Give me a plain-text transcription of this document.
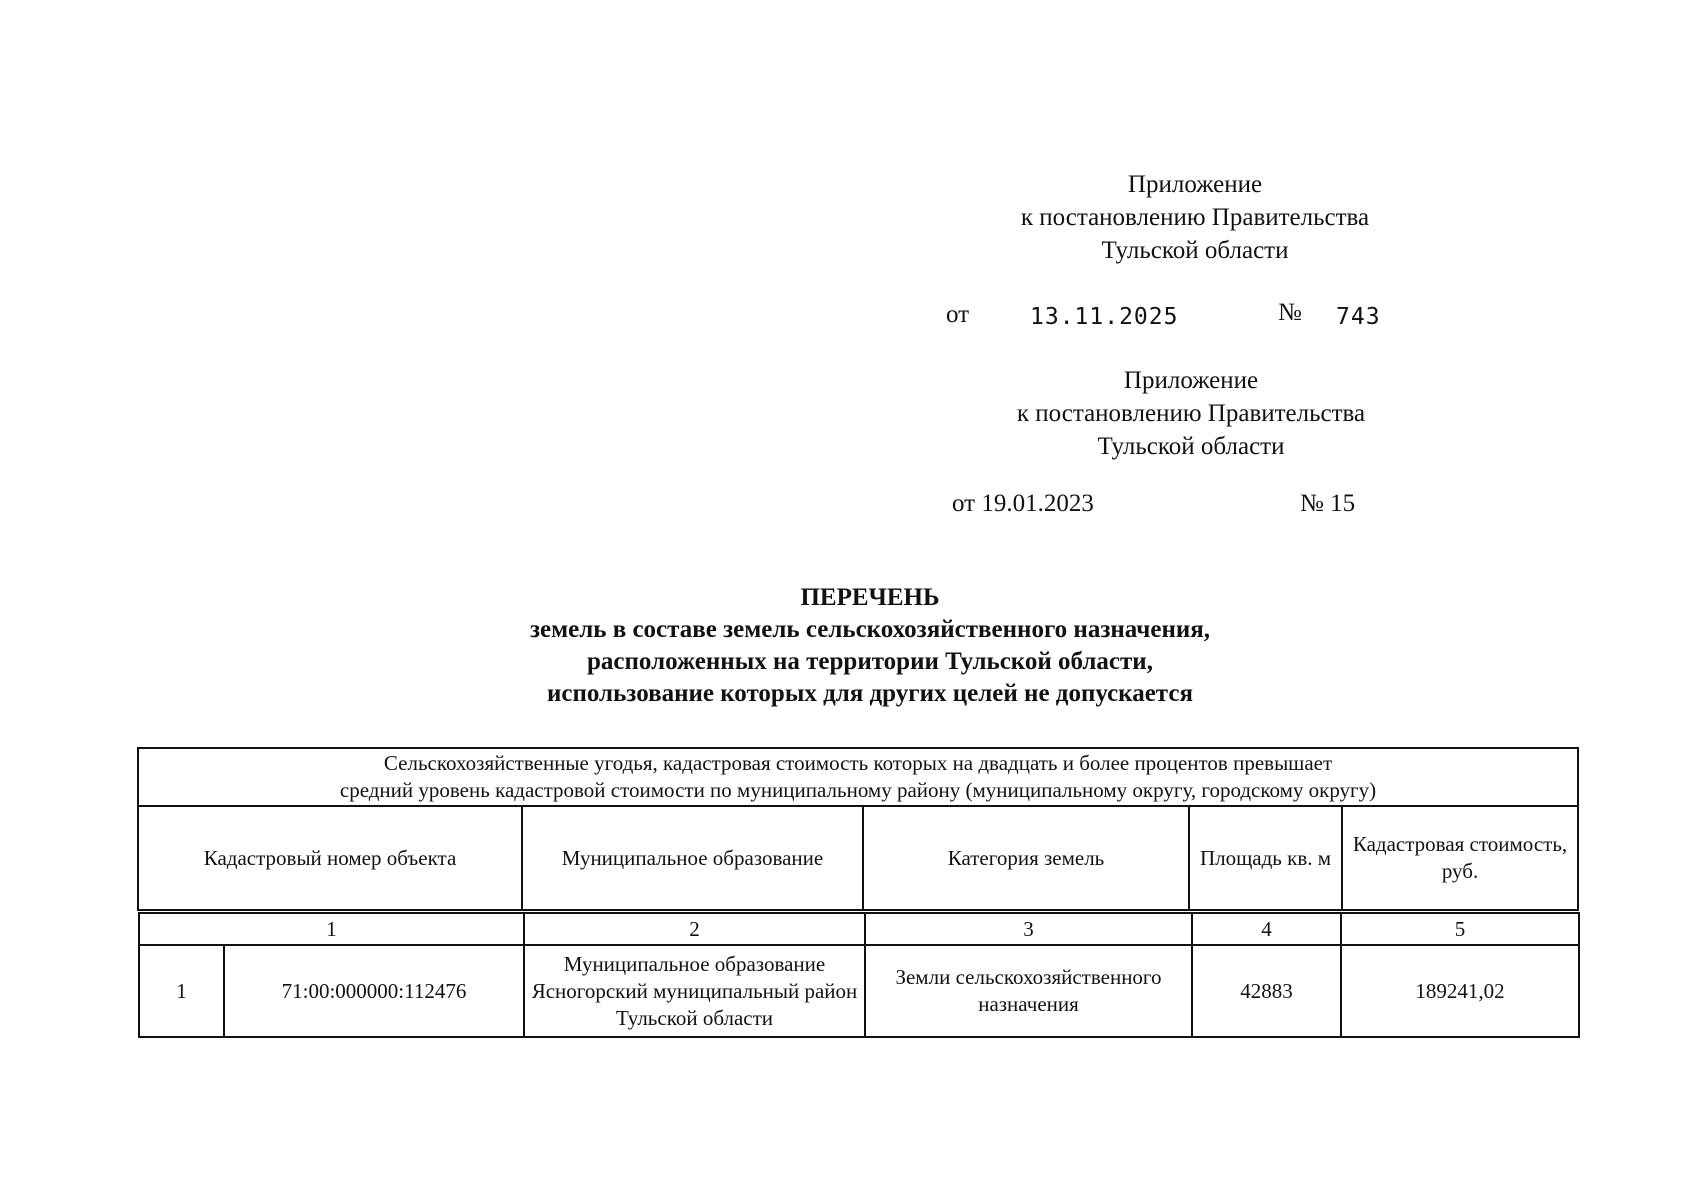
Приложение
к постановлению Правительства
Тульской области
от	13.11.2025	№ 743
Приложение
к постановлению Правительства
Тульской области
от 19.01.2023	№ 15
ПЕРЕЧЕНЬ
земель в составе земель сельскохозяйственного назначения,
расположенных на территории Тульской области,
использование которых для других целей не допускается
Сельскохозяйственные угодья, кадастровая стоимость которых на двадцать и более процентов превышает
средний уровень кадастровой стоимости по муниципальному району (муниципальному округу, городскому округу)

Кадастровый номер объекта	Муниципальное образование	Категория земель	Площадь кв. м	Кадастровая стоимость, руб.
1		2	3	4	5
1	71:00:000000:112476	Муниципальное образование Ясногорский муниципальный район Тульской области	Земли сельскохозяйственного назначения	42883	189241,02
